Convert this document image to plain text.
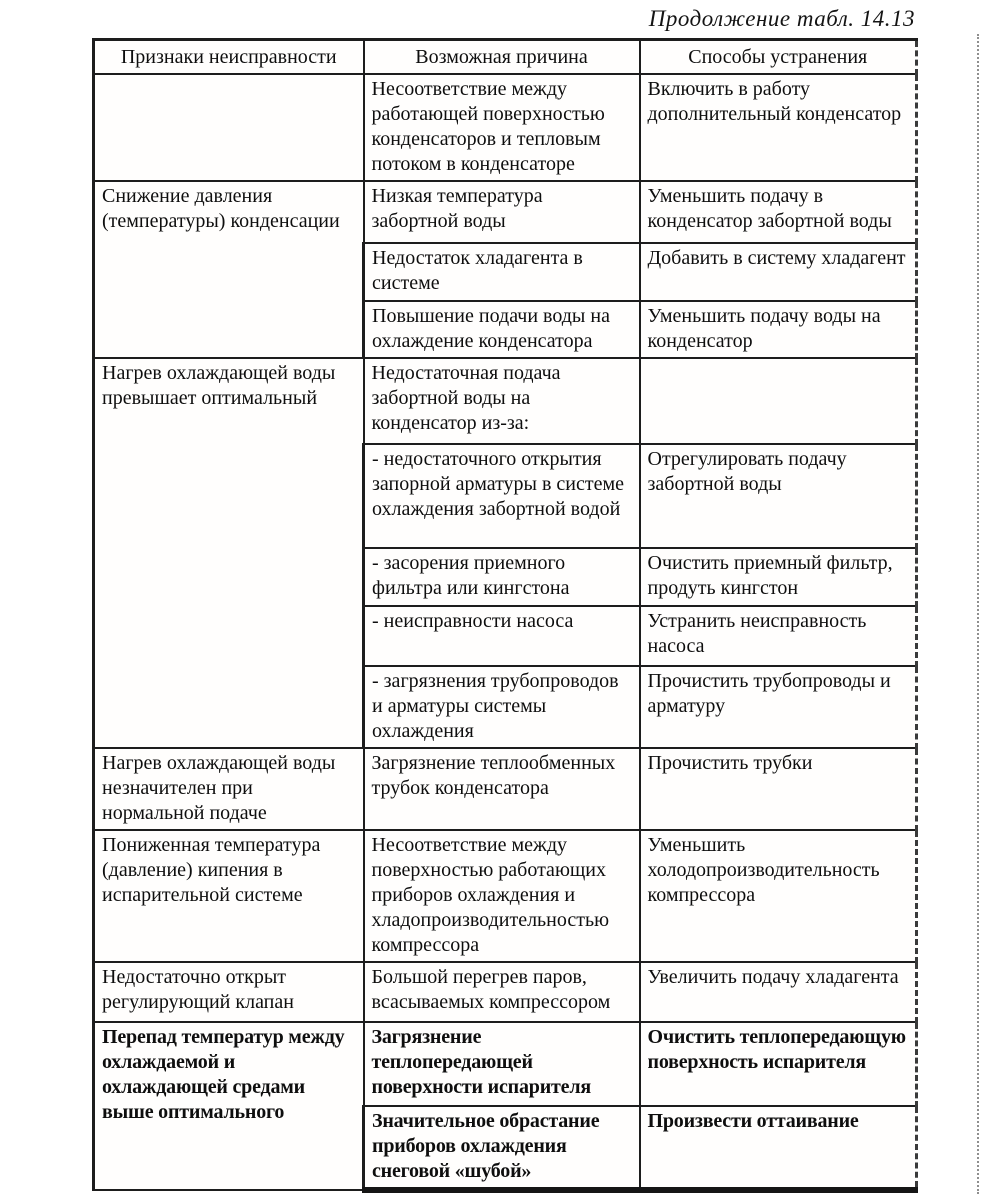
Продолжение табл. 14.13
Признаки неисправности	Возможная причина	Способы устранения
	Несоответствие между работающей поверхностью конденсаторов и тепловым потоком в конденсаторе	Включить в работу дополнительный конденсатор
Снижение давления (температуры) конденсации	Низкая температура забортной воды	Уменьшить подачу в конденсатор забортной воды
	Недостаток хладагента в системе	Добавить в систему хладагент
	Повышение подачи воды на охлаждение конденсатора	Уменьшить подачу воды на конденсатор
Нагрев охлаждающей воды превышает оптимальный	Недостаточная подача забортной воды на конденсатор из-за:	
	- недостаточного открытия запорной арматуры в системе охлаждения забортной водой	Отрегулировать подачу забортной воды
	- засорения приемного фильтра или кингстона	Очистить приемный фильтр, продуть кингстон
	- неисправности насоса	Устранить неисправность насоса
	- загрязнения трубопроводов и арматуры системы охлаждения	Прочистить трубопроводы и арматуру
Нагрев охлаждающей воды незначителен при нормальной подаче	Загрязнение теплообменных трубок конденсатора	Прочистить трубки
Пониженная температура (давление) кипения в испарительной системе	Несоответствие между поверхностью работающих приборов охлаждения и хладопроизводительностью компрессора	Уменьшить холодопроизводительность компрессора
Недостаточно открыт регулирующий клапан	Большой перегрев паров, всасываемых компрессором	Увеличить подачу хладагента
Перепад температур между охлаждаемой и охлаждающей средами выше оптимального	Загрязнение теплопередающей поверхности испарителя	Очистить теплопередающую поверхность испарителя
	Значительное обрастание приборов охлаждения снеговой «шубой»	Произвести оттаивание
